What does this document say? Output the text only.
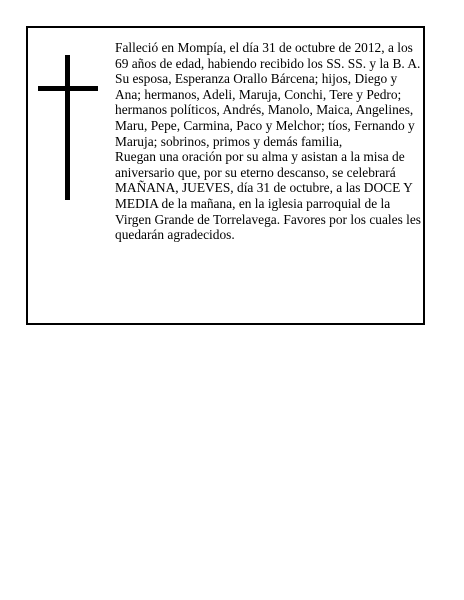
Falleció en Mompía, el día 31 de octubre de 2012, a los 69 años de edad, habiendo recibido los SS. SS. y la B. A.

Su esposa, Esperanza Orallo Bárcena; hijos, Diego y Ana; hermanos, Adeli, Maruja, Conchi, Tere y Pedro; hermanos políticos, Andrés, Manolo, Maica, Angelines, Maru, Pepe, Carmina, Paco y Melchor; tíos, Fernando y Maruja; sobrinos, primos y demás familia,

Ruegan una oración por su alma y asistan a la misa de aniversario que, por su eterno descanso, se celebrará MAÑANA, JUEVES, día 31 de octubre, a las DOCE Y MEDIA de la mañana, en la iglesia parroquial de la Virgen Grande de Torrelavega. Favores por los cuales les quedarán agradecidos.
